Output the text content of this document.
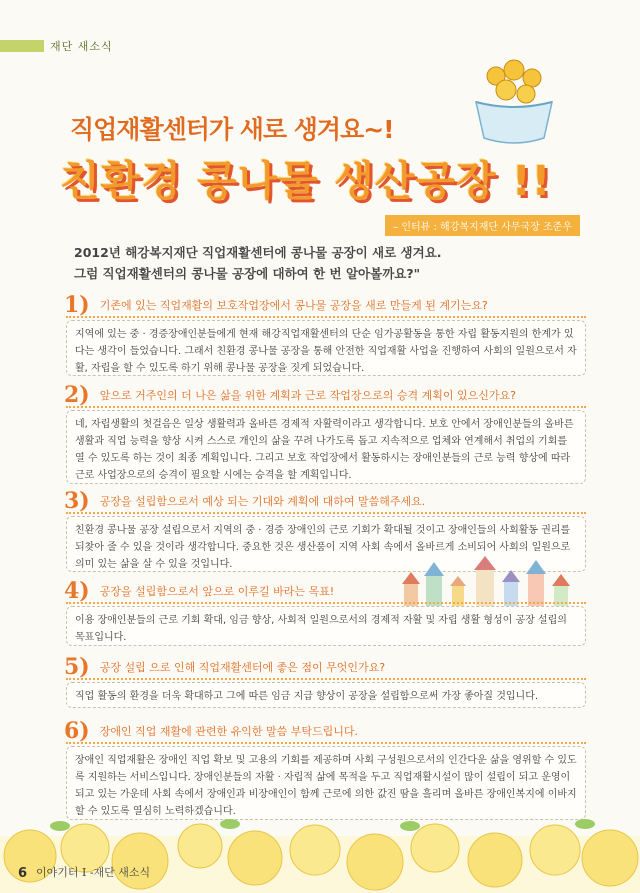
재단 새소식
직업재활센터가 새로 생겨요~!
친환경 콩나물 생산공장 !!
– 인터뷰 : 해강복지재단 사무국장 조준우
2012년 해강복지재단 직업재활센터에 콩나물 공장이 새로 생겨요.
그럼 직업재활센터의 콩나물 공장에 대하여 한 번 알아볼까요?"
1) 기존에 있는 직업재활의 보호작업장에서 콩나물 공장을 새로 만들게 된 계기는요?
지역에 있는 중 · 경증장애인분들에게 현재 해강직업재활센터의 단순 임가공활동을 통한 자립 활동지원의 한계가 있다는 생각이 들었습니다. 그래서 친환경 콩나물 공장을 통해 안전한 직업재활 사업을 진행하여 사회의 일원으로서 자활, 자립을 할 수 있도록 하기 위해 콩나물 공장을 짓게 되었습니다.
2) 앞으로 거주인의 더 나은 삶을 위한 계획과 근로 작업장으로의 승격 계획이 있으신가요?
네, 자립생활의 첫걸음은 일상 생활력과 올바른 경제적 자활력이라고 생각합니다. 보호 안에서 장애인분들의 올바른 생활과 직업 능력을 향상 시켜 스스로 개인의 삶을 꾸려 나가도록 돕고 지속적으로 업체와 연계해서 취업의 기회를 열 수 있도록 하는 것이 최종 계획입니다. 그리고 보호 작업장에서 활동하시는 장애인분들의 근로 능력 향상에 따라 근로 사업장으로의 승격이 필요할 시에는 승격을 할 계획입니다.
3) 공장을 설립함으로서 예상 되는 기대와 계획에 대하여 말씀해주세요.
친환경 콩나물 공장 설립으로서 지역의 중 · 경증 장애인의 근로 기회가 확대될 것이고 장애인들의 사회활동 권리를 되찾아 줄 수 있을 것이라 생각합니다. 중요한 것은 생산품이 지역 사회 속에서 올바르게 소비되어 사회의 일원으로 의미 있는 삶을 살 수 있을 것입니다.
4) 공장을 설립함으로서 앞으로 이루길 바라는 목표!
이용 장애인분들의 근로 기회 확대, 임금 향상, 사회적 일원으로서의 경제적 자활 및 자립 생활 형성이 공장 설립의 목표입니다.
5) 공장 설립 으로 인해 직업재활센터에 좋은 점이 무엇인가요?
직업 활동의 환경을 더욱 확대하고 그에 따른 임금 지급 향상이 공장을 설립함으로써 가장 좋아질 것입니다.
6) 장애인 직업 재활에 관련한 유익한 말씀 부탁드립니다.
장애인 직업재활은 장애인 직업 확보 및 고용의 기회를 제공하며 사회 구성원으로서의 인간다운 삶을 영위할 수 있도록 지원하는 서비스입니다. 장애인분들의 자활 · 자립적 삶에 목적을 두고 직업재활시설이 많이 설립이 되고 운영이 되고 있는 가운데 사회 속에서 장애인과 비장애인이 함께 근로에 의한 값진 땀을 흘리며 올바른 장애인복지에 이바지 할 수 있도록 열심히 노력하겠습니다.
6 이야기터 Ⅰ -재단 새소식
